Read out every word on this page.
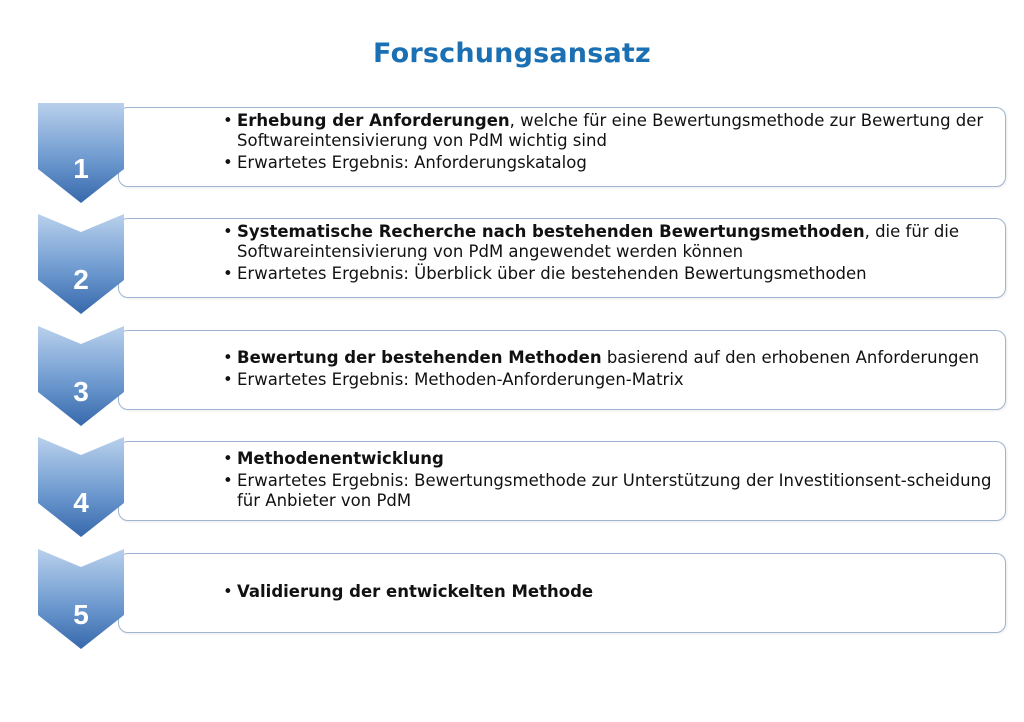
Forschungsansatz
• Erhebung der Anforderungen, welche für eine Bewertungsmethode zur Bewertung der Softwareintensivierung von PdM wichtig sind
• Erwartetes Ergebnis: Anforderungskatalog
1
• Systematische Recherche nach bestehenden Bewertungsmethoden, die für die Softwareintensivierung von PdM angewendet werden können
• Erwartetes Ergebnis: Überblick über die bestehenden Bewertungsmethoden
2
• Bewertung der bestehenden Methoden basierend auf den erhobenen Anforderungen
• Erwartetes Ergebnis: Methoden-Anforderungen-Matrix
3
• Methodenentwicklung
• Erwartetes Ergebnis: Bewertungsmethode zur Unterstützung der Investitionsent-scheidung für Anbieter von PdM
4
• Validierung der entwickelten Methode
5
